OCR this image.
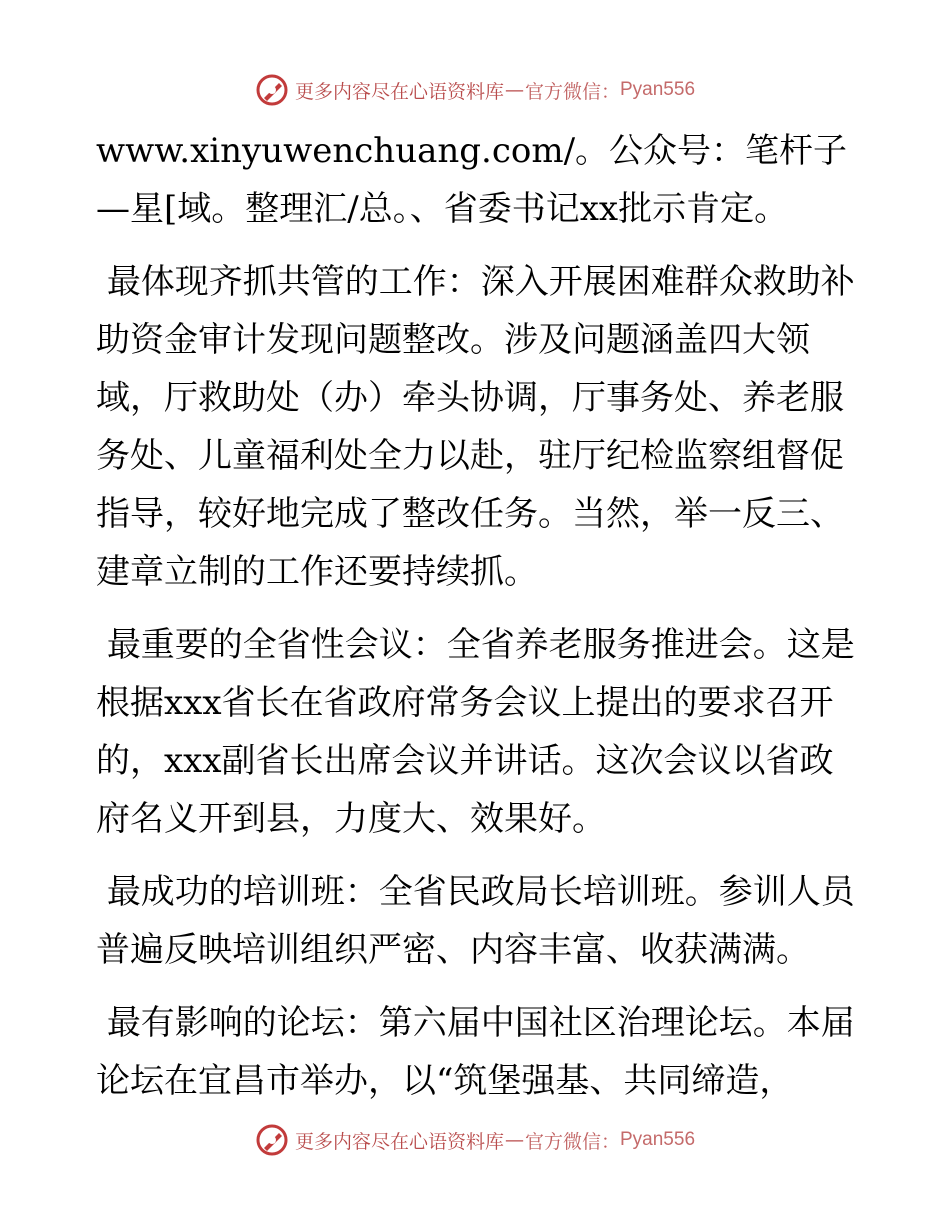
更多内容尽在心语资料库 — 官方微信： Pyan556

www.xinyuwenchuang.com/。公众号：笔杆子—星[域。整理汇/总。、省委书记xx批示肯定。

最体现齐抓共管的工作：深入开展困难群众救助补助资金审计发现问题整改。涉及问题涵盖四大领域，厅救助处（办）牵头协调，厅事务处、养老服务处、儿童福利处全力以赴，驻厅纪检监察组督促指导，较好地完成了整改任务。当然，举一反三、建章立制的工作还要持续抓。

最重要的全省性会议：全省养老服务推进会。这是根据xxx省长在省政府常务会议上提出的要求召开的，xxx副省长出席会议并讲话。这次会议以省政府名义开到县，力度大、效果好。

最成功的培训班：全省民政局长培训班。参训人员普遍反映培训组织严密、内容丰富、收获满满。

最有影响的论坛：第六届中国社区治理论坛。本届论坛在宜昌市举办，以“筑堡强基、共同缔造，

更多内容尽在心语资料库 — 官方微信： Pyan556
